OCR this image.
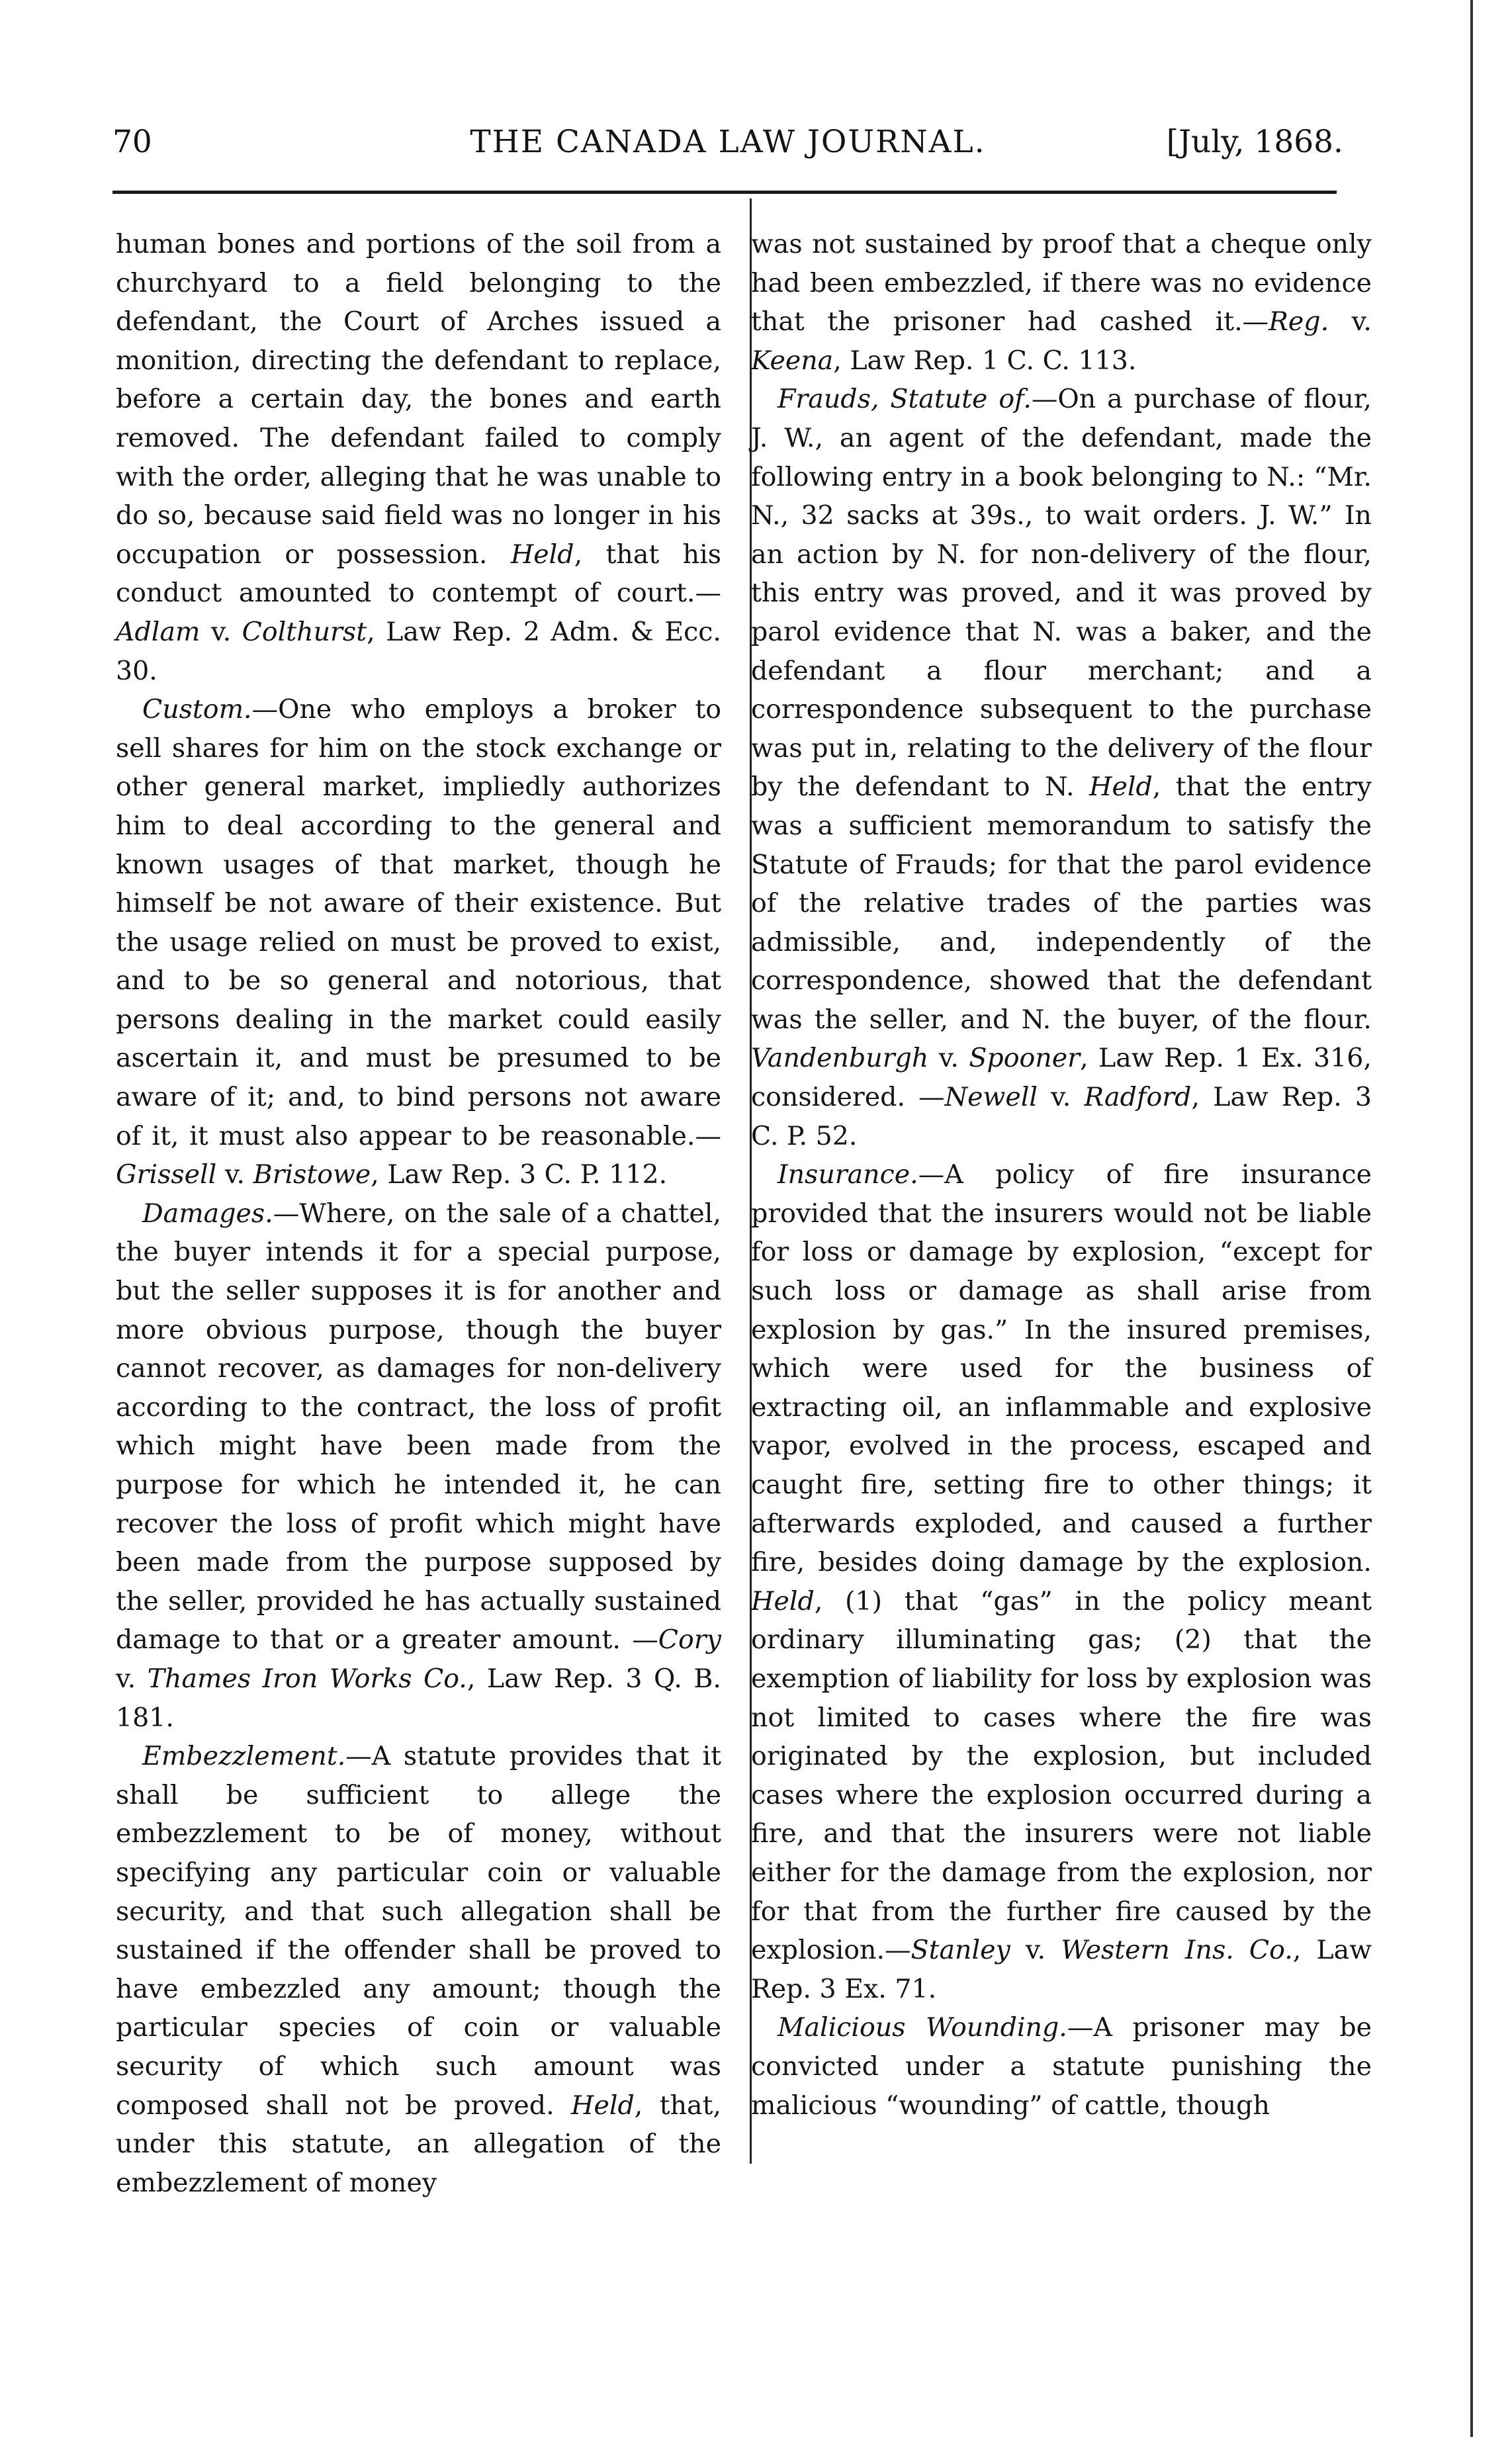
70	THE CANADA LAW JOURNAL.	[July, 1868.

human bones and portions of the soil from a churchyard to a field belonging to the defendant, the Court of Arches issued a monition, directing the defendant to replace, before a certain day, the bones and earth removed. The defendant failed to comply with the order, alleging that he was unable to do so, because said field was no longer in his occupation or possession. Held, that his conduct amounted to contempt of court.—Adlam v. Colthurst, Law Rep. 2 Adm. & Ecc. 30.

Custom.—One who employs a broker to sell shares for him on the stock exchange or other general market, impliedly authorizes him to deal according to the general and known usages of that market, though he himself be not aware of their existence. But the usage relied on must be proved to exist, and to be so general and notorious, that persons dealing in the market could easily ascertain it, and must be presumed to be aware of it; and, to bind persons not aware of it, it must also appear to be reasonable.—Grissell v. Bristowe, Law Rep. 3 C. P. 112.

Damages.—Where, on the sale of a chattel, the buyer intends it for a special purpose, but the seller supposes it is for another and more obvious purpose, though the buyer cannot recover, as damages for non-delivery according to the contract, the loss of profit which might have been made from the purpose for which he intended it, he can recover the loss of profit which might have been made from the purpose supposed by the seller, provided he has actually sustained damage to that or a greater amount. —Cory v. Thames Iron Works Co., Law Rep. 3 Q. B. 181.

Embezzlement.—A statute provides that it shall be sufficient to allege the embezzlement to be of money, without specifying any particular coin or valuable security, and that such allegation shall be sustained if the offender shall be proved to have embezzled any amount; though the particular species of coin or valuable security of which such amount was composed shall not be proved. Held, that, under this statute, an allegation of the embezzlement of money

was not sustained by proof that a cheque only had been embezzled, if there was no evidence that the prisoner had cashed it.—Reg. v. Keena, Law Rep. 1 C. C. 113.

Frauds, Statute of.—On a purchase of flour, J. W., an agent of the defendant, made the following entry in a book belonging to N.: “Mr. N., 32 sacks at 39s., to wait orders. J. W.” In an action by N. for non-delivery of the flour, this entry was proved, and it was proved by parol evidence that N. was a baker, and the defendant a flour merchant; and a correspondence subsequent to the purchase was put in, relating to the delivery of the flour by the defendant to N. Held, that the entry was a sufficient memorandum to satisfy the Statute of Frauds; for that the parol evidence of the relative trades of the parties was admissible, and, independently of the correspondence, showed that the defendant was the seller, and N. the buyer, of the flour. Vandenburgh v. Spooner, Law Rep. 1 Ex. 316, considered. —Newell v. Radford, Law Rep. 3 C. P. 52.

Insurance.—A policy of fire insurance provided that the insurers would not be liable for loss or damage by explosion, “except for such loss or damage as shall arise from explosion by gas.” In the insured premises, which were used for the business of extracting oil, an inflammable and explosive vapor, evolved in the process, escaped and caught fire, setting fire to other things; it afterwards exploded, and caused a further fire, besides doing damage by the explosion. Held, (1) that “gas” in the policy meant ordinary illuminating gas; (2) that the exemption of liability for loss by explosion was not limited to cases where the fire was originated by the explosion, but included cases where the explosion occurred during a fire, and that the insurers were not liable either for the damage from the explosion, nor for that from the further fire caused by the explosion.—Stanley v. Western Ins. Co., Law Rep. 3 Ex. 71.

Malicious Wounding.—A prisoner may be convicted under a statute punishing the malicious “wounding” of cattle, though
